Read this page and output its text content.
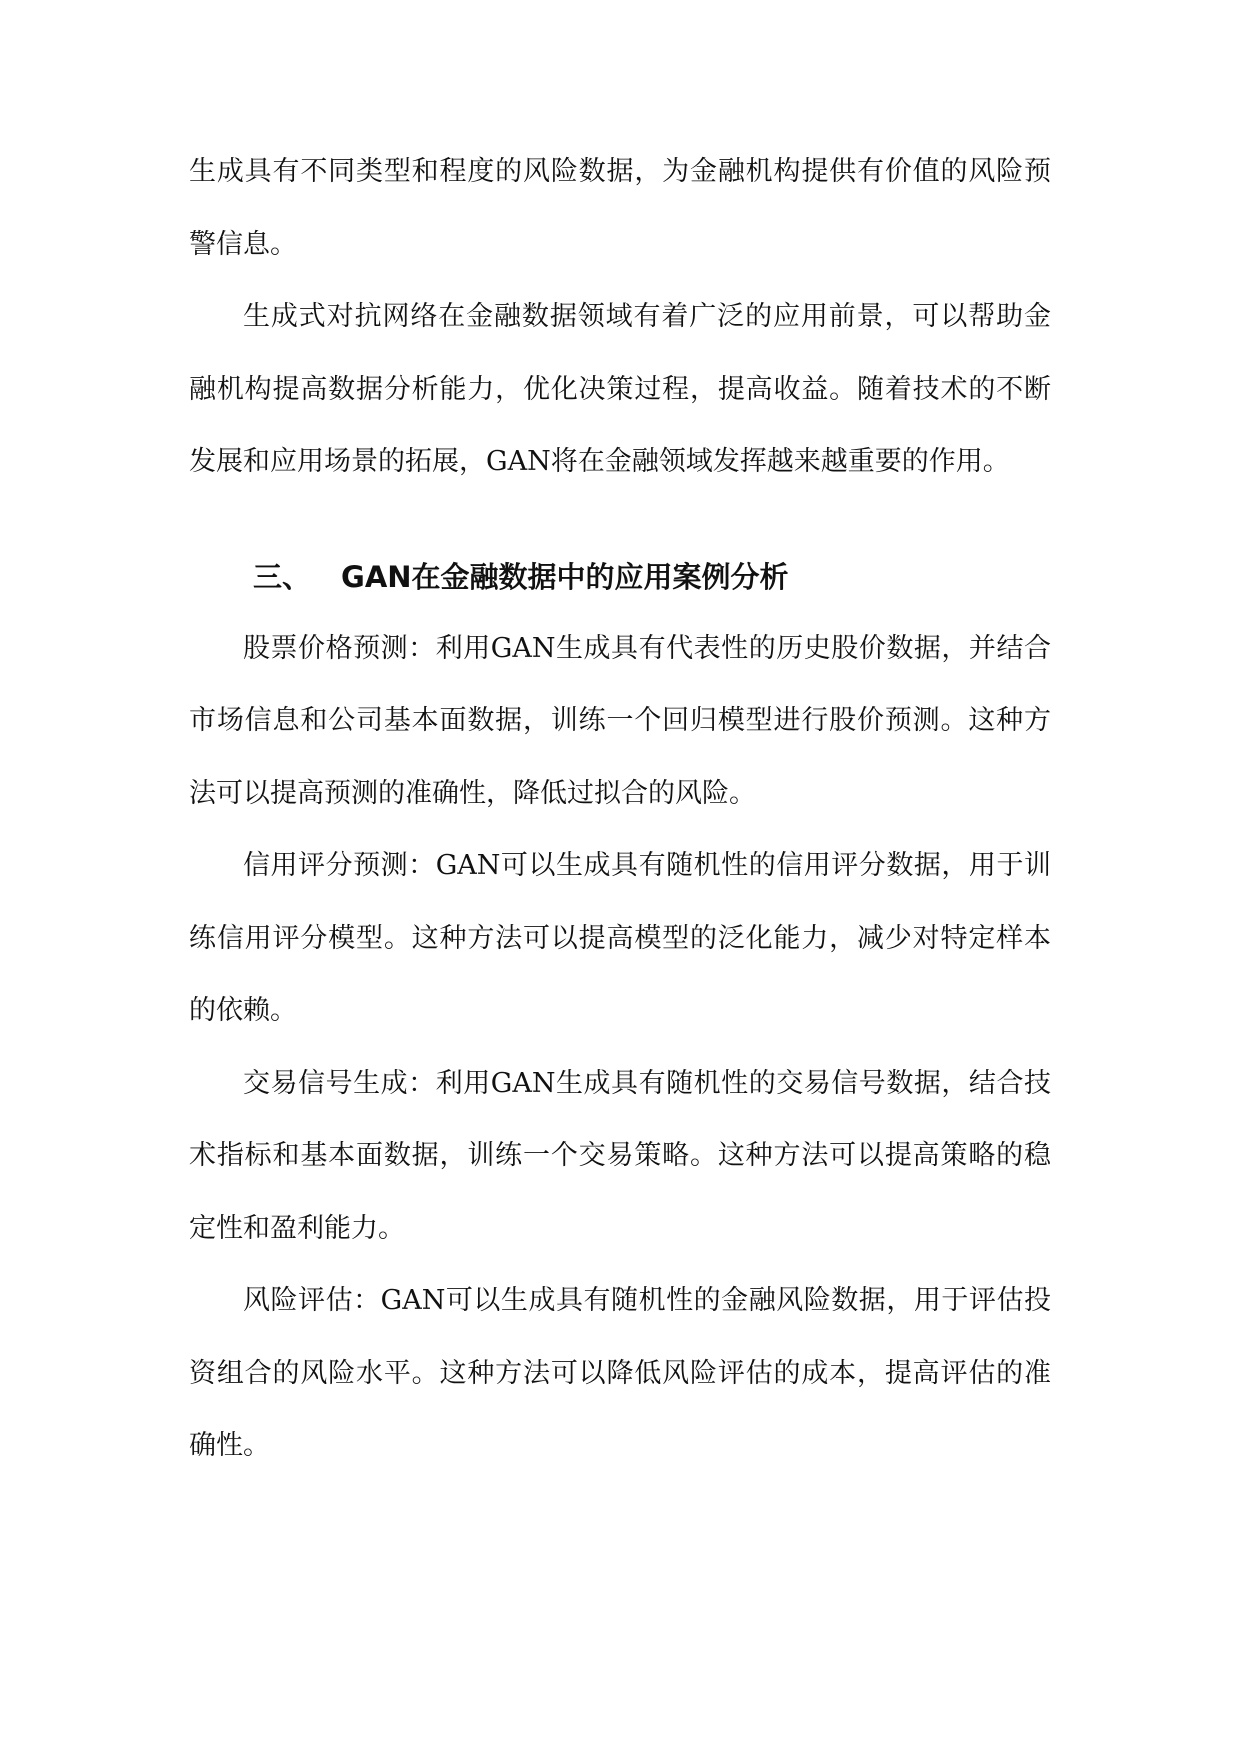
生成具有不同类型和程度的风险数据，为金融机构提供有价值的风险预警信息。

生成式对抗网络在金融数据领域有着广泛的应用前景，可以帮助金融机构提高数据分析能力，优化决策过程，提高收益。随着技术的不断发展和应用场景的拓展，GAN将在金融领域发挥越来越重要的作用。

三、 GAN在金融数据中的应用案例分析

股票价格预测：利用GAN生成具有代表性的历史股价数据，并结合市场信息和公司基本面数据，训练一个回归模型进行股价预测。这种方法可以提高预测的准确性，降低过拟合的风险。

信用评分预测：GAN可以生成具有随机性的信用评分数据，用于训练信用评分模型。这种方法可以提高模型的泛化能力，减少对特定样本的依赖。

交易信号生成：利用GAN生成具有随机性的交易信号数据，结合技术指标和基本面数据，训练一个交易策略。这种方法可以提高策略的稳定性和盈利能力。

风险评估：GAN可以生成具有随机性的金融风险数据，用于评估投资组合的风险水平。这种方法可以降低风险评估的成本，提高评估的准确性。
